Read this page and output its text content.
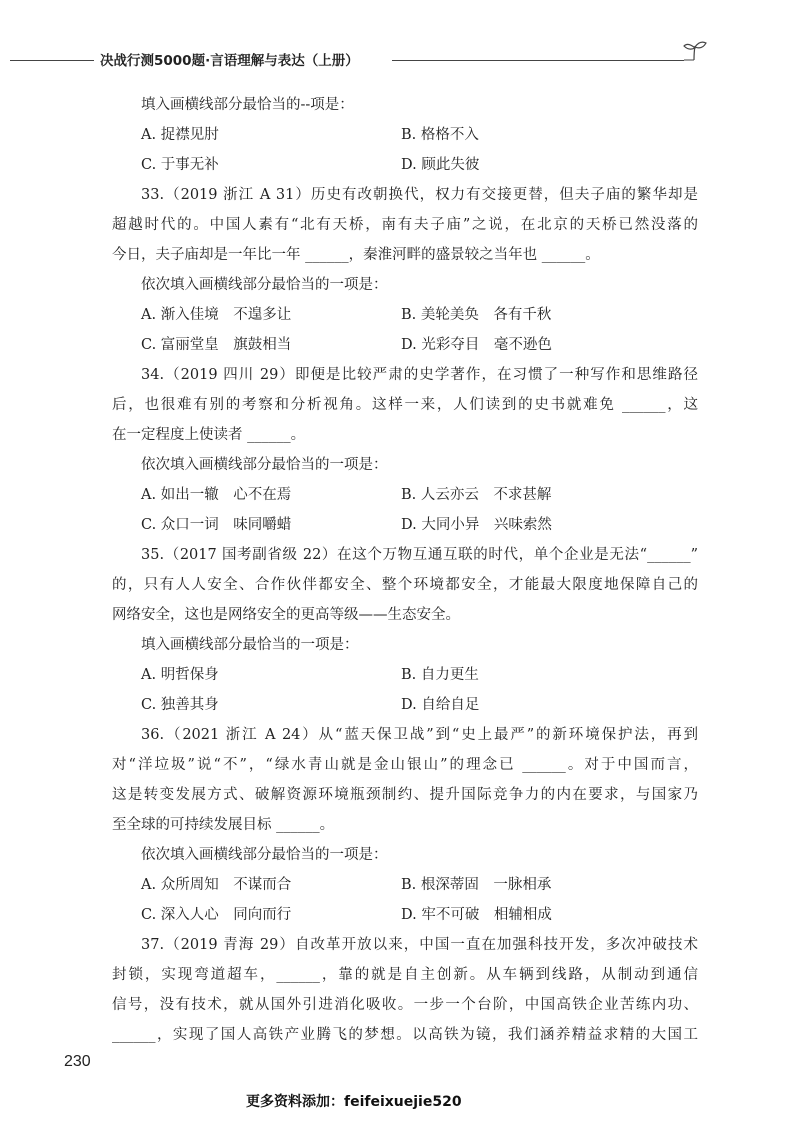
决战行测5000题·言语理解与表达（上册）
填入画横线部分最恰当的--项是：
A. 捉襟见肘	B. 格格不入
C. 于事无补	D. 顾此失彼
33.（2019 浙江 A 31）历史有改朝换代，权力有交接更替，但夫子庙的繁华却是
超越时代的。中国人素有“北有天桥，南有夫子庙”之说，在北京的天桥已然没落的
今日，夫子庙却是一年比一年 ______，秦淮河畔的盛景较之当年也 ______。
依次填入画横线部分最恰当的一项是：
A. 渐入佳境　不遑多让	B. 美轮美奂　各有千秋
C. 富丽堂皇　旗鼓相当	D. 光彩夺目　毫不逊色
34.（2019 四川 29）即便是比较严肃的史学著作，在习惯了一种写作和思维路径
后，也很难有别的考察和分析视角。这样一来，人们读到的史书就难免 ______，这
在一定程度上使读者 ______。
依次填入画横线部分最恰当的一项是：
A. 如出一辙　心不在焉	B. 人云亦云　不求甚解
C. 众口一词　味同嚼蜡	D. 大同小异　兴味索然
35.（2017 国考副省级 22）在这个万物互通互联的时代，单个企业是无法“______”
的，只有人人安全、合作伙伴都安全、整个环境都安全，才能最大限度地保障自己的
网络安全，这也是网络安全的更高等级——生态安全。
填入画横线部分最恰当的一项是：
A. 明哲保身	B. 自力更生
C. 独善其身	D. 自给自足
36.（2021 浙江 A 24）从“蓝天保卫战”到“史上最严”的新环境保护法，再到
对“洋垃圾”说“不”，“绿水青山就是金山银山”的理念已 ______。对于中国而言，
这是转变发展方式、破解资源环境瓶颈制约、提升国际竞争力的内在要求，与国家乃
至全球的可持续发展目标 ______。
依次填入画横线部分最恰当的一项是：
A. 众所周知　不谋而合	B. 根深蒂固　一脉相承
C. 深入人心　同向而行	D. 牢不可破　相辅相成
37.（2019 青海 29）自改革开放以来，中国一直在加强科技开发，多次冲破技术
封锁，实现弯道超车，______，靠的就是自主创新。从车辆到线路，从制动到通信
信号，没有技术，就从国外引进消化吸收。一步一个台阶，中国高铁企业苦练内功、
______，实现了国人高铁产业腾飞的梦想。以高铁为镜，我们涵养精益求精的大国工
230
更多资料添加：feifeixuejie520
